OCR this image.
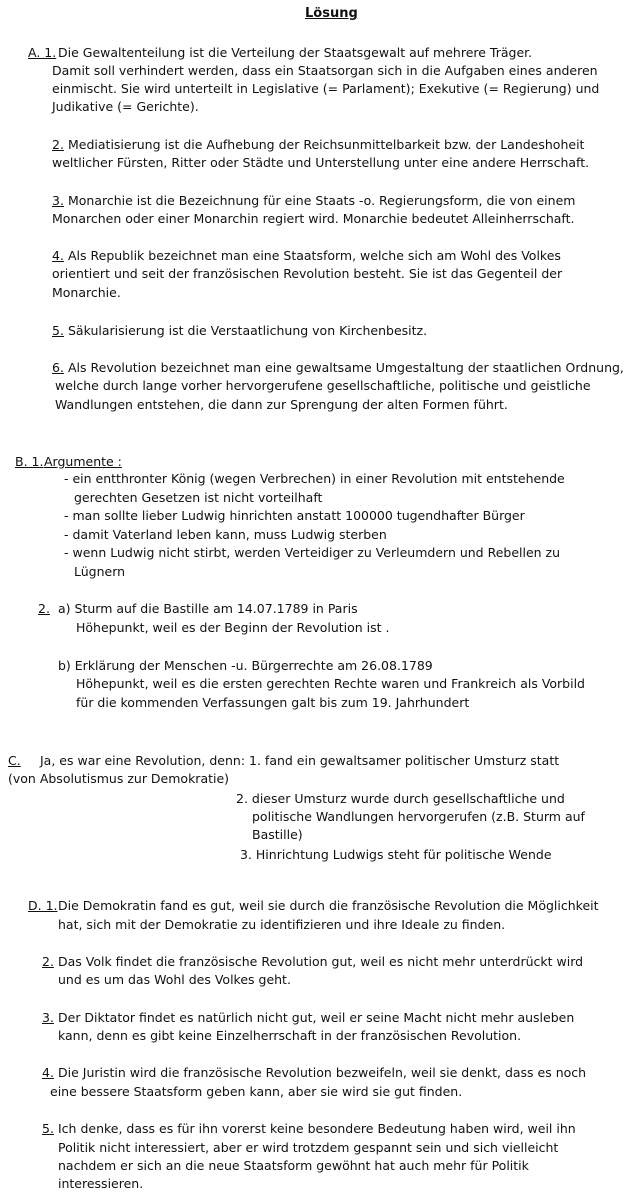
Lösung
A. 1. Die Gewaltenteilung ist die Verteilung der Staatsgewalt auf mehrere Träger.
Damit soll verhindert werden, dass ein Staatsorgan sich in die Aufgaben eines anderen
einmischt. Sie wird unterteilt in Legislative (= Parlament); Exekutive (= Regierung) und
Judikative (= Gerichte).
2. Mediatisierung ist die Aufhebung der Reichsunmittelbarkeit bzw. der Landeshoheit
weltlicher Fürsten, Ritter oder Städte und Unterstellung unter eine andere Herrschaft.
3. Monarchie ist die Bezeichnung für eine Staats -o. Regierungsform, die von einem
Monarchen oder einer Monarchin regiert wird. Monarchie bedeutet Alleinherrschaft.
4. Als Republik bezeichnet man eine Staatsform, welche sich am Wohl des Volkes
orientiert und seit der französischen Revolution besteht. Sie ist das Gegenteil der
Monarchie.
5. Säkularisierung ist die Verstaatlichung von Kirchenbesitz.
6. Als Revolution bezeichnet man eine gewaltsame Umgestaltung der staatlichen Ordnung,
welche durch lange vorher hervorgerufene gesellschaftliche, politische und geistliche
Wandlungen entstehen, die dann zur Sprengung der alten Formen führt.
B. 1. Argumente :
- ein entthronter König (wegen Verbrechen) in einer Revolution mit entstehende
gerechten Gesetzen ist nicht vorteilhaft
- man sollte lieber Ludwig hinrichten anstatt 100000 tugendhafter Bürger
- damit Vaterland leben kann, muss Ludwig sterben
- wenn Ludwig nicht stirbt, werden Verteidiger zu Verleumdern und Rebellen zu
Lügnern
2. a) Sturm auf die Bastille am 14.07.1789 in Paris
Höhepunkt, weil es der Beginn der Revolution ist .
b) Erklärung der Menschen -u. Bürgerrechte am 26.08.1789
Höhepunkt, weil es die ersten gerechten Rechte waren und Frankreich als Vorbild
für die kommenden Verfassungen galt bis zum 19. Jahrhundert
C. Ja, es war eine Revolution, denn: 1. fand ein gewaltsamer politischer Umsturz statt
(von Absolutismus zur Demokratie)
2. dieser Umsturz wurde durch gesellschaftliche und
politische Wandlungen hervorgerufen (z.B. Sturm auf
Bastille)
3. Hinrichtung Ludwigs steht für politische Wende
D. 1. Die Demokratin fand es gut, weil sie durch die französische Revolution die Möglichkeit
hat, sich mit der Demokratie zu identifizieren und ihre Ideale zu finden.
2. Das Volk findet die französische Revolution gut, weil es nicht mehr unterdrückt wird
und es um das Wohl des Volkes geht.
3. Der Diktator findet es natürlich nicht gut, weil er seine Macht nicht mehr ausleben
kann, denn es gibt keine Einzelherrschaft in der französischen Revolution.
4. Die Juristin wird die französische Revolution bezweifeln, weil sie denkt, dass es noch
eine bessere Staatsform geben kann, aber sie wird sie gut finden.
5. Ich denke, dass es für ihn vorerst keine besondere Bedeutung haben wird, weil ihn
Politik nicht interessiert, aber er wird trotzdem gespannt sein und sich vielleicht
nachdem er sich an die neue Staatsform gewöhnt hat auch mehr für Politik
interessieren.
